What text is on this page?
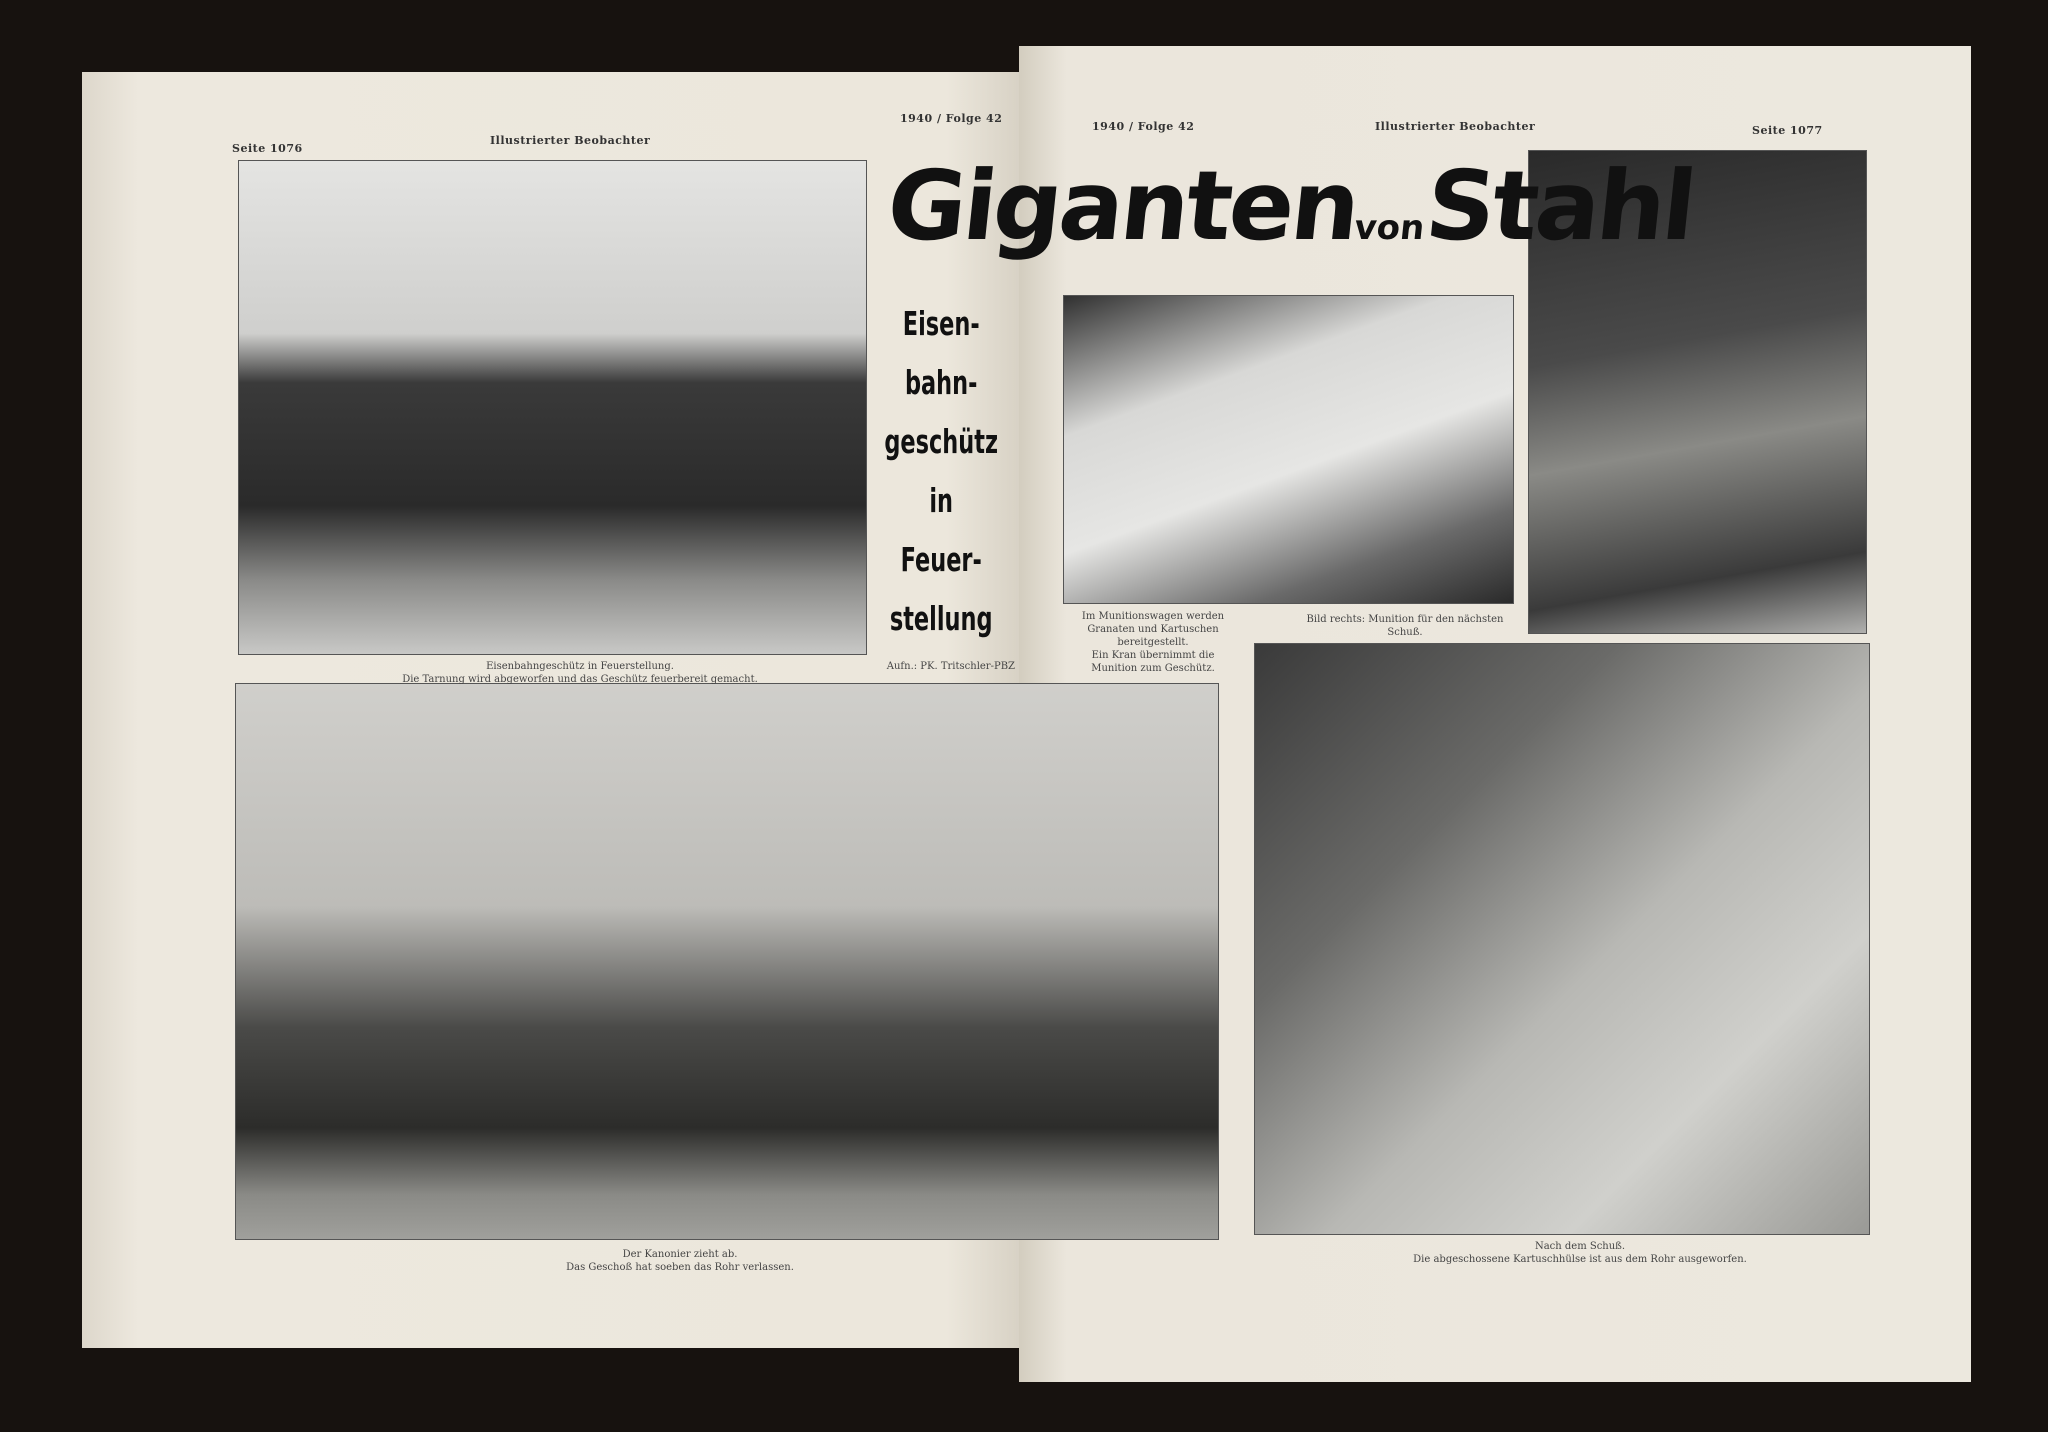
Seite 1076
Illustrierter Beobachter
1940 / Folge 42
1940 / Folge 42	Illustrierter Beobachter	Seite 1077
Eisenbahngeschütz in Feuerstellung.
Die Tarnung wird abgeworfen und das Geschütz feuerbereit gemacht.
Aufn.: PK. Tritschler-PBZ
GigantenvonStahl
Eisen-
bahn-
geschütz
in
Feuer-
stellung	Im Munitionswagen werden
Granaten und Kartuschen
bereitgestellt.
Ein Kran übernimmt die
Munition zum Geschütz.
Bild rechts: Munition für den nächsten Schuß.
Der Kanonier zieht ab.
Das Geschoß hat soeben das Rohr verlassen.
Nach dem Schuß.
Die abgeschossene Kartuschhülse ist aus dem Rohr ausgeworfen.
